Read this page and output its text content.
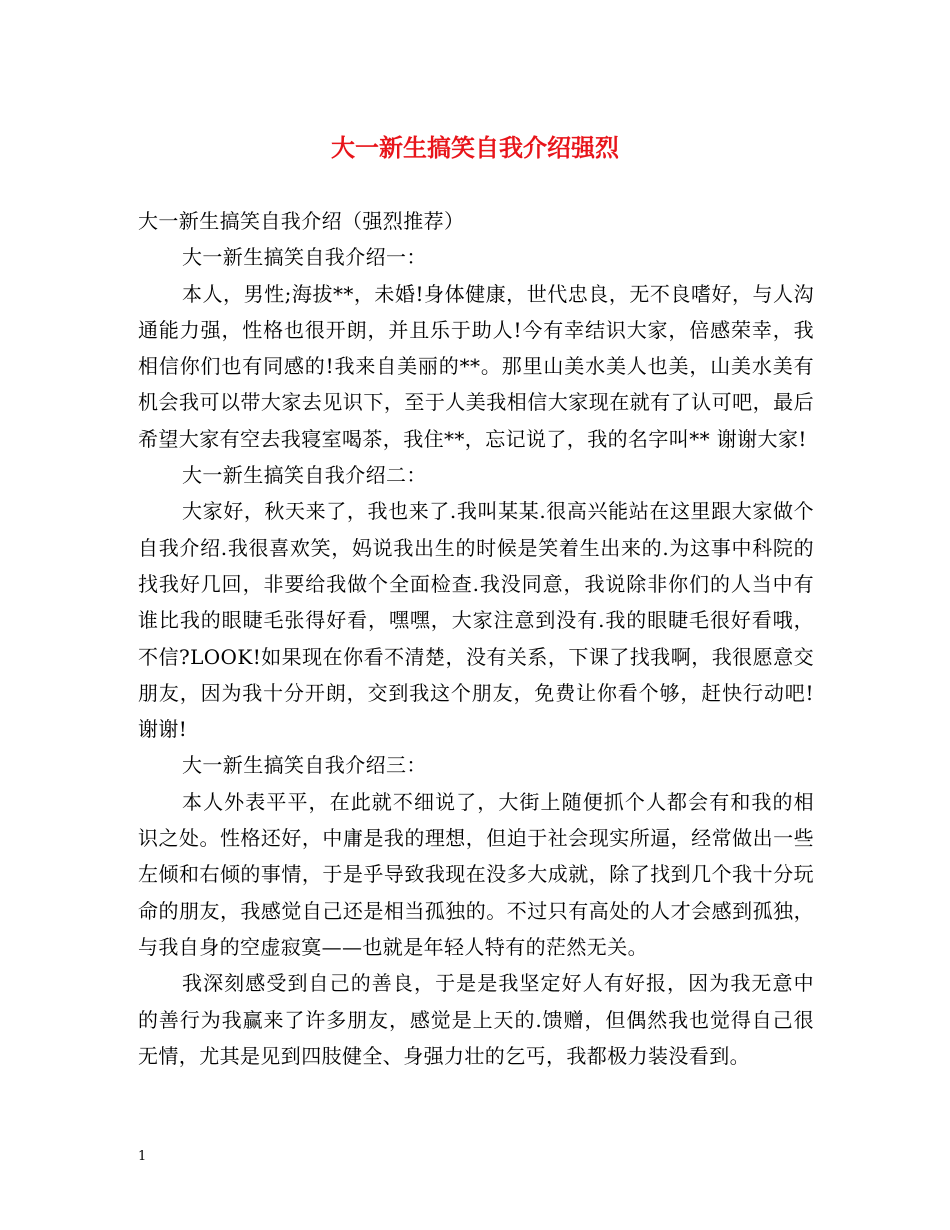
大一新生搞笑自我介绍强烈

大一新生搞笑自我介绍（强烈推荐）

大一新生搞笑自我介绍一：

本人，男性;海拔**，未婚!身体健康，世代忠良，无不良嗜好，与人沟通能力强，性格也很开朗，并且乐于助人!今有幸结识大家，倍感荣幸，我相信你们也有同感的!我来自美丽的**。那里山美水美人也美，山美水美有机会我可以带大家去见识下，至于人美我相信大家现在就有了认可吧，最后希望大家有空去我寝室喝茶，我住**，忘记说了，我的名字叫** 谢谢大家!

大一新生搞笑自我介绍二：

大家好，秋天来了，我也来了.我叫某某.很高兴能站在这里跟大家做个自我介绍.我很喜欢笑，妈说我出生的时候是笑着生出来的.为这事中科院的找我好几回，非要给我做个全面检查.我没同意，我说除非你们的人当中有谁比我的眼睫毛张得好看，嘿嘿，大家注意到没有.我的眼睫毛很好看哦，不信?LOOK!如果现在你看不清楚，没有关系，下课了找我啊，我很愿意交朋友，因为我十分开朗，交到我这个朋友，免费让你看个够，赶快行动吧!谢谢!

大一新生搞笑自我介绍三：

本人外表平平，在此就不细说了，大街上随便抓个人都会有和我的相识之处。性格还好，中庸是我的理想，但迫于社会现实所逼，经常做出一些左倾和右倾的事情，于是乎导致我现在没多大成就，除了找到几个我十分玩命的朋友，我感觉自己还是相当孤独的。不过只有高处的人才会感到孤独，与我自身的空虚寂寞——也就是年轻人特有的茫然无关。

我深刻感受到自己的善良，于是是我坚定好人有好报，因为我无意中的善行为我赢来了许多朋友，感觉是上天的.馈赠，但偶然我也觉得自己很无情，尤其是见到四肢健全、身强力壮的乞丐，我都极力装没看到。

1
